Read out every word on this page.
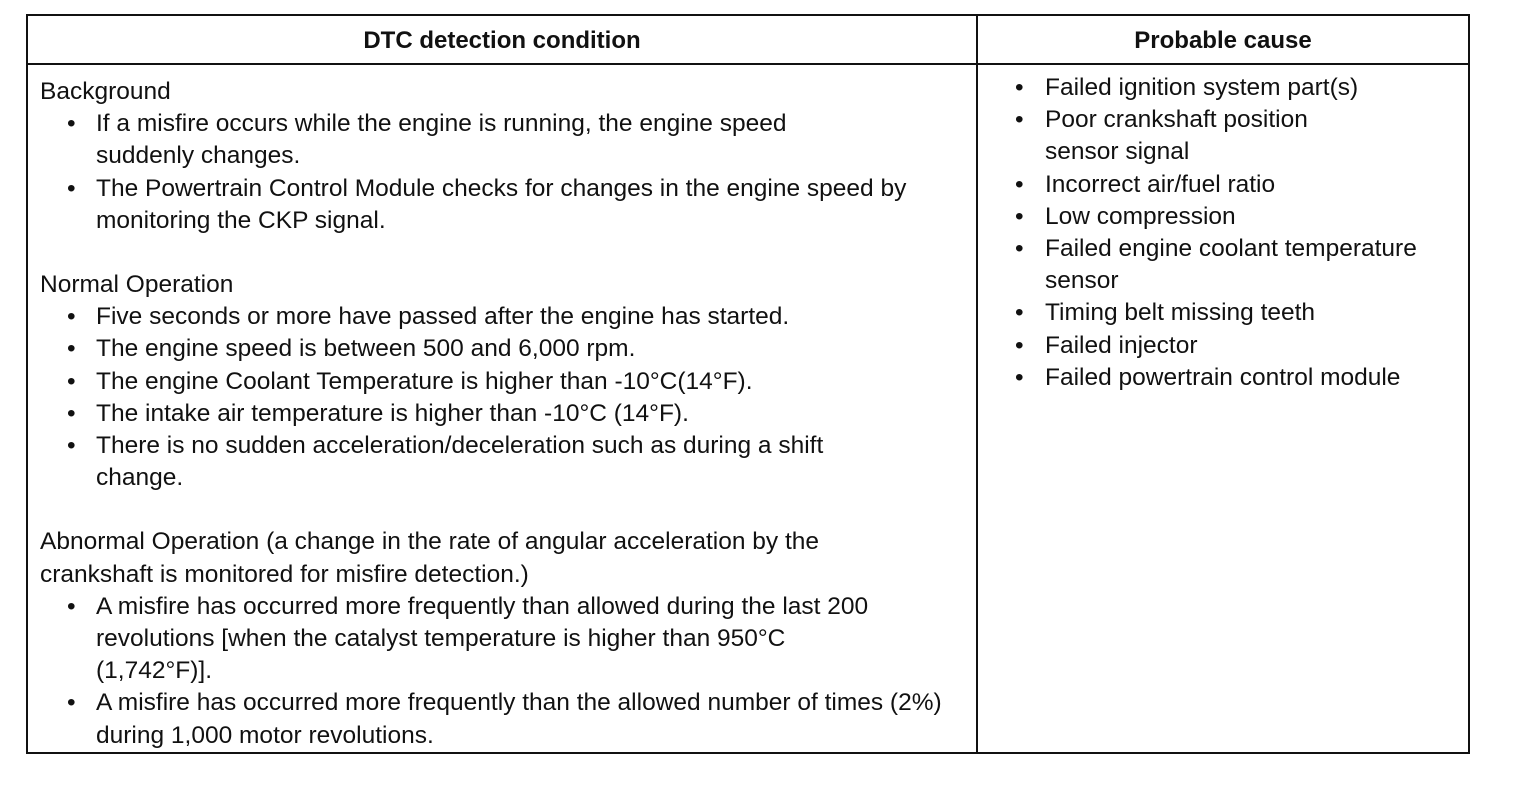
DTC detection condition	Probable cause

Background

• If a misfire occurs while the engine is running, the engine speed suddenly changes.
• The Powertrain Control Module checks for changes in the engine speed by monitoring the CKP signal.

Normal Operation

• Five seconds or more have passed after the engine has started.
• The engine speed is between 500 and 6,000 rpm.
• The engine Coolant Temperature is higher than -10°C(14°F).
• The intake air temperature is higher than -10°C (14°F).
• There is no sudden acceleration/deceleration such as during a shift change.

Abnormal Operation (a change in the rate of angular acceleration by the crankshaft is monitored for misfire detection.)

• A misfire has occurred more frequently than allowed during the last 200 revolutions [when the catalyst temperature is higher than 950°C (1,742°F)].
• A misfire has occurred more frequently than the allowed number of times (2%) during 1,000 motor revolutions.
• Failed ignition system part(s)
• Poor crankshaft position sensor signal
• Incorrect air/fuel ratio
• Low compression
• Failed engine coolant temperature sensor
• Timing belt missing teeth
• Failed injector
• Failed powertrain control module
